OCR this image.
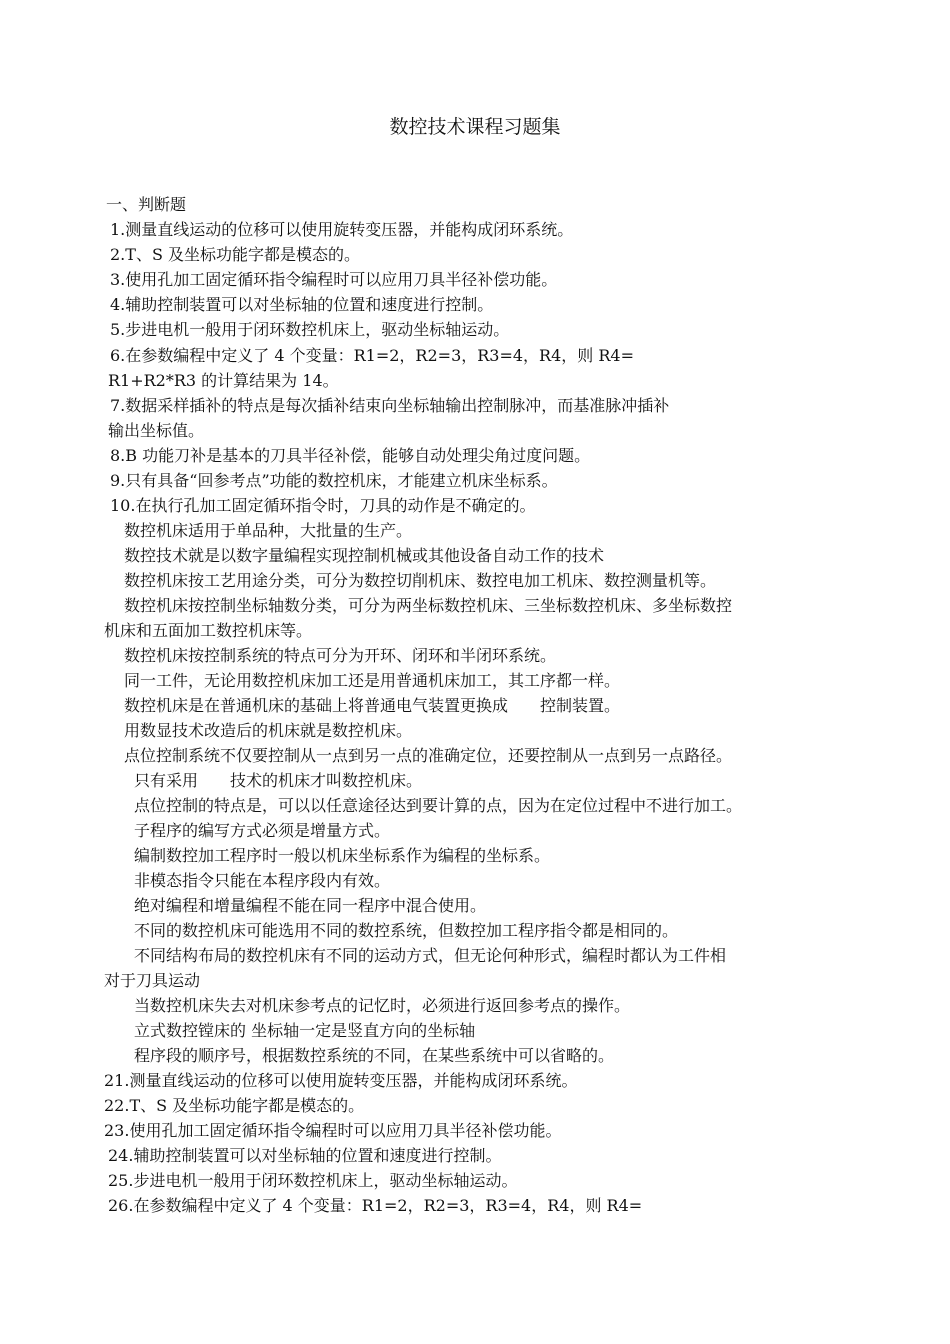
数控技术课程习题集
一、判断题
1.测量直线运动的位移可以使用旋转变压器，并能构成闭环系统。
2.T、S 及坐标功能字都是模态的。
3.使用孔加工固定循环指令编程时可以应用刀具半径补偿功能。
4.辅助控制装置可以对坐标轴的位置和速度进行控制。
5.步进电机一般用于闭环数控机床上，驱动坐标轴运动。
6.在参数编程中定义了 4 个变量：R1=2，R2=3，R3=4，R4，则 R4=
R1+R2*R3 的计算结果为 14。
7.数据采样插补的特点是每次插补结束向坐标轴输出控制脉冲，而基准脉冲插补
输出坐标值。
8.B 功能刀补是基本的刀具半径补偿，能够自动处理尖角过度问题。
9.只有具备“回参考点”功能的数控机床，才能建立机床坐标系。
10.在执行孔加工固定循环指令时，刀具的动作是不确定的。
数控机床适用于单品种，大批量的生产。
数控技术就是以数字量编程实现控制机械或其他设备自动工作的技术
数控机床按工艺用途分类，可分为数控切削机床、数控电加工机床、数控测量机等。
数控机床按控制坐标轴数分类，可分为两坐标数控机床、三坐标数控机床、多坐标数控
机床和五面加工数控机床等。
数控机床按控制系统的特点可分为开环、闭环和半闭环系统。
同一工件，无论用数控机床加工还是用普通机床加工，其工序都一样。
数控机床是在普通机床的基础上将普通电气装置更换成　　控制装置。
用数显技术改造后的机床就是数控机床。
点位控制系统不仅要控制从一点到另一点的准确定位，还要控制从一点到另一点路径。
只有采用　　技术的机床才叫数控机床。
点位控制的特点是，可以以任意途径达到要计算的点，因为在定位过程中不进行加工。
子程序的编写方式必须是增量方式。
编制数控加工程序时一般以机床坐标系作为编程的坐标系。
非模态指令只能在本程序段内有效。
绝对编程和增量编程不能在同一程序中混合使用。
不同的数控机床可能选用不同的数控系统，但数控加工程序指令都是相同的。
不同结构布局的数控机床有不同的运动方式，但无论何种形式，编程时都认为工件相
对于刀具运动
当数控机床失去对机床参考点的记忆时，必须进行返回参考点的操作。
立式数控镗床的 坐标轴一定是竖直方向的坐标轴
程序段的顺序号，根据数控系统的不同，在某些系统中可以省略的。
21.测量直线运动的位移可以使用旋转变压器，并能构成闭环系统。
22.T、S 及坐标功能字都是模态的。
23.使用孔加工固定循环指令编程时可以应用刀具半径补偿功能。
24.辅助控制装置可以对坐标轴的位置和速度进行控制。
25.步进电机一般用于闭环数控机床上，驱动坐标轴运动。
26.在参数编程中定义了 4 个变量：R1=2，R2=3，R3=4，R4，则 R4=
